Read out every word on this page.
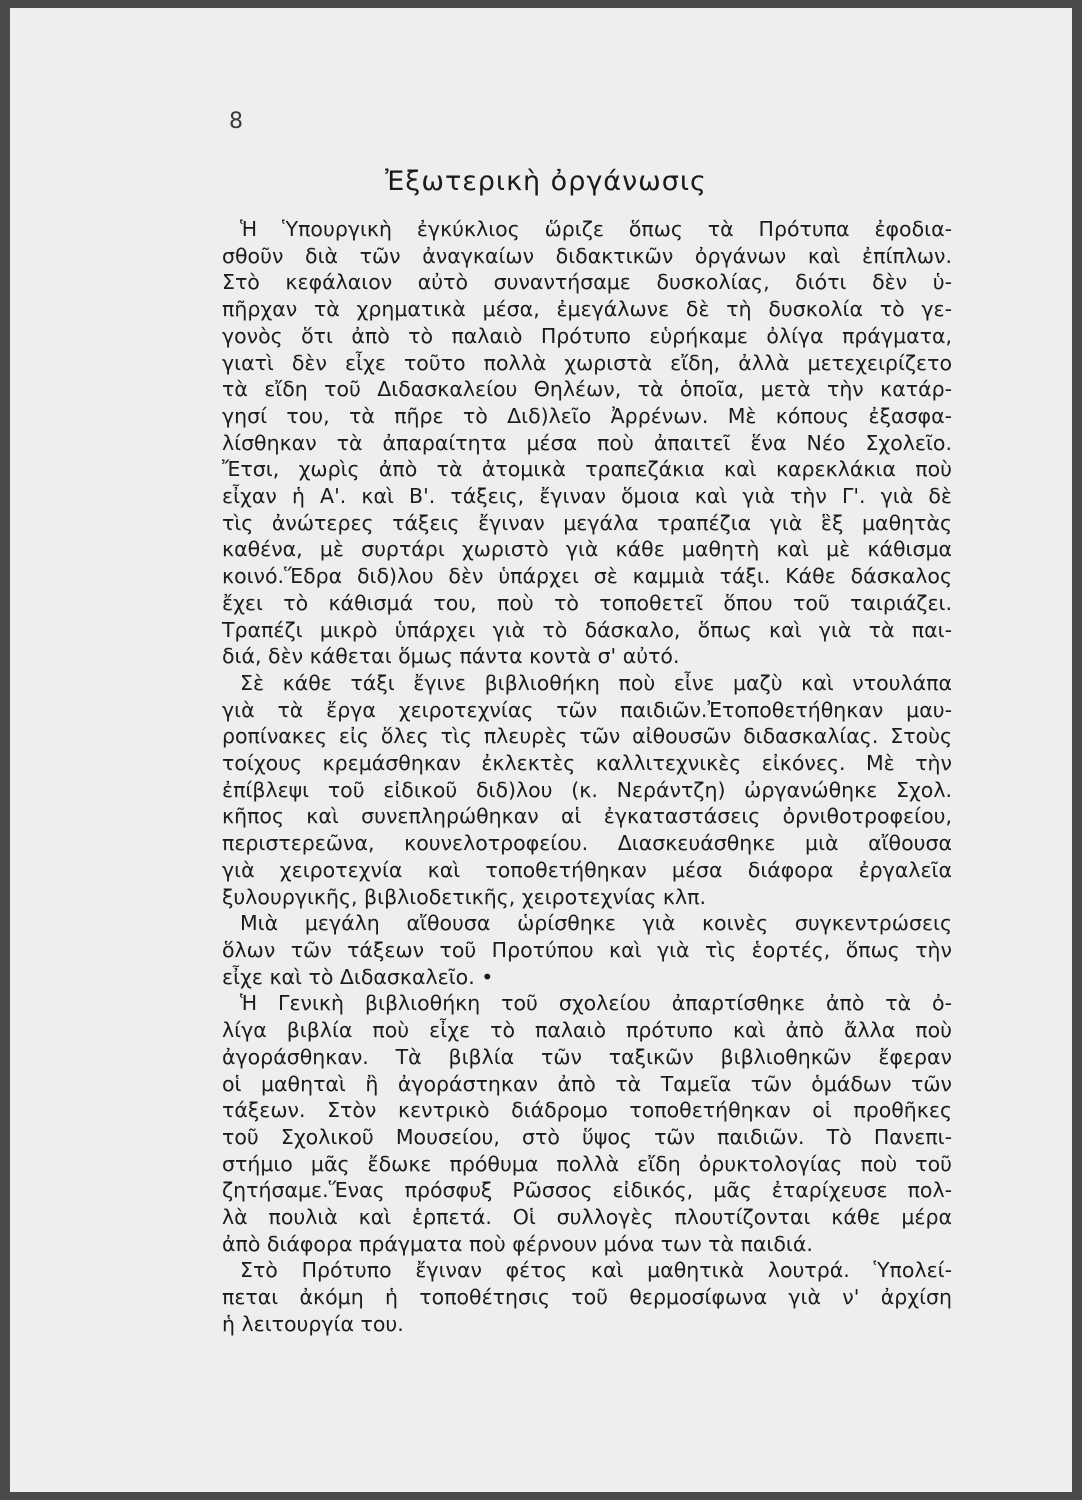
8
Ἐξωτερικὴ ὀργάνωσις
Ἡ Ὑπουργικὴ ἐγκύκλιος ὥριζε ὅπως τὰ Πρότυπα ἐφοδια-
σθοῦν διὰ τῶν ἀναγκαίων διδακτικῶν ὀργάνων καὶ ἐπίπλων.
Στὸ κεφάλαιον αὐτὸ συναντήσαμε δυσκολίας, διότι δὲν ὑ-
πῆρχαν τὰ χρηματικὰ μέσα, ἐμεγάλωνε δὲ τὴ δυσκολία τὸ γε-
γονὸς ὅτι ἀπὸ τὸ παλαιὸ Πρότυπο εὑρήκαμε ὀλίγα πράγματα,
γιατὶ δὲν εἶχε τοῦτο πολλὰ χωριστὰ εἴδη, ἀλλὰ μετεχειρίζετο
τὰ εἴδη τοῦ Διδασκαλείου Θηλέων, τὰ ὁποῖα, μετὰ τὴν κατάρ-
γησί του, τὰ πῆρε τὸ Διδ)λεῖο Ἀρρένων. Μὲ κόπους ἐξασφα-
λίσθηκαν τὰ ἀπαραίτητα μέσα ποὺ ἀπαιτεῖ ἕνα Νέο Σχολεῖο.
Ἔτσι, χωρὶς ἀπὸ τὰ ἀτομικὰ τραπεζάκια καὶ καρεκλάκια ποὺ
εἶχαν ἡ Α'. καὶ Β'. τάξεις, ἔγιναν ὅμοια καὶ γιὰ τὴν Γ'. γιὰ δὲ
τὶς ἀνώτερες τάξεις ἔγιναν μεγάλα τραπέζια γιὰ ἓξ μαθητὰς
καθένα, μὲ συρτάρι χωριστὸ γιὰ κάθε μαθητὴ καὶ μὲ κάθισμα
κοινό.Ἕδρα διδ)λου δὲν ὑπάρχει σὲ καμμιὰ τάξι. Κάθε δάσκαλος
ἔχει τὸ κάθισμά του, ποὺ τὸ τοποθετεῖ ὅπου τοῦ ταιριάζει.
Τραπέζι μικρὸ ὑπάρχει γιὰ τὸ δάσκαλο, ὅπως καὶ γιὰ τὰ παι-
διά, δὲν κάθεται ὅμως πάντα κοντὰ σ' αὐτό.
Σὲ κάθε τάξι ἔγινε βιβλιοθήκη ποὺ εἶνε μαζὺ καὶ ντουλάπα
γιὰ τὰ ἔργα χειροτεχνίας τῶν παιδιῶν.Ἐτοποθετήθηκαν μαυ-
ροπίνακες εἰς ὅλες τὶς πλευρὲς τῶν αἰθουσῶν διδασκαλίας. Στοὺς
τοίχους κρεμάσθηκαν ἐκλεκτὲς καλλιτεχνικὲς εἰκόνες. Μὲ τὴν
ἐπίβλεψι τοῦ εἰδικοῦ διδ)λου (κ. Νεράντζη) ὠργανώθηκε Σχολ.
κῆπος καὶ συνεπληρώθηκαν αἱ ἐγκαταστάσεις ὀρνιθοτροφείου,
περιστερεῶνα, κουνελοτροφείου. Διασκευάσθηκε μιὰ αἴθουσα
γιὰ χειροτεχνία καὶ τοποθετήθηκαν μέσα διάφορα ἐργαλεῖα
ξυλουργικῆς, βιβλιοδετικῆς, χειροτεχνίας κλπ.
Μιὰ μεγάλη αἴθουσα ὡρίσθηκε γιὰ κοινὲς συγκεντρώσεις
ὅλων τῶν τάξεων τοῦ Προτύπου καὶ γιὰ τὶς ἑορτές, ὅπως τὴν
εἶχε καὶ τὸ Διδασκαλεῖο. •
Ἡ Γενικὴ βιβλιοθήκη τοῦ σχολείου ἀπαρτίσθηκε ἀπὸ τὰ ὀ-
λίγα βιβλία ποὺ εἶχε τὸ παλαιὸ πρότυπο καὶ ἀπὸ ἄλλα ποὺ
ἀγοράσθηκαν. Τὰ βιβλία τῶν ταξικῶν βιβλιοθηκῶν ἔφεραν
οἱ μαθηταὶ ἢ ἀγοράστηκαν ἀπὸ τὰ Ταμεῖα τῶν ὁμάδων τῶν
τάξεων. Στὸν κεντρικὸ διάδρομο τοποθετήθηκαν οἱ προθῆκες
τοῦ Σχολικοῦ Μουσείου, στὸ ὕψος τῶν παιδιῶν. Τὸ Πανεπι-
στήμιο μᾶς ἔδωκε πρόθυμα πολλὰ εἴδη ὀρυκτολογίας ποὺ τοῦ
ζητήσαμε.Ἕνας πρόσφυξ Ρῶσσος εἰδικός, μᾶς ἐταρίχευσε πολ-
λὰ πουλιὰ καὶ ἑρπετά. Οἱ συλλογὲς πλουτίζονται κάθε μέρα
ἀπὸ διάφορα πράγματα ποὺ φέρνουν μόνα των τὰ παιδιά.
Στὸ Πρότυπο ἔγιναν φέτος καὶ μαθητικὰ λουτρά. Ὑπολεί-
πεται ἀκόμη ἡ τοποθέτησις τοῦ θερμοσίφωνα γιὰ ν' ἀρχίση
ἡ λειτουργία του.
